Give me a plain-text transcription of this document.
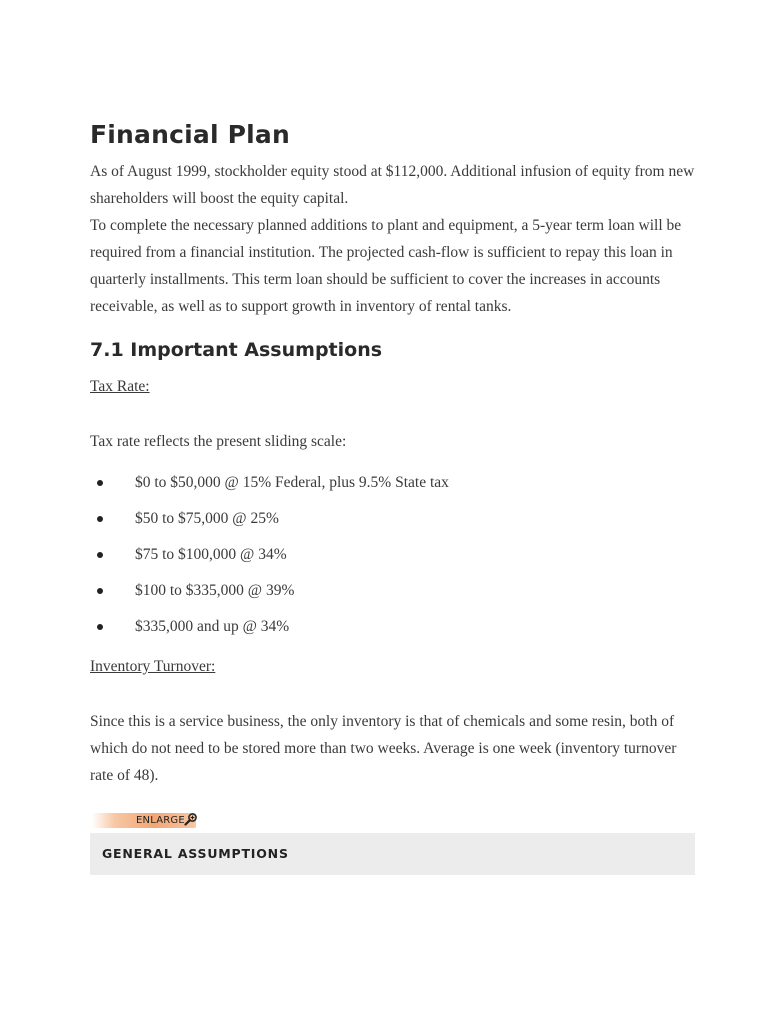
Financial Plan

As of August 1999, stockholder equity stood at $112,000. Additional infusion of equity from new shareholders will boost the equity capital.

To complete the necessary planned additions to plant and equipment, a 5-year term loan will be required from a financial institution. The projected cash-flow is sufficient to repay this loan in quarterly installments. This term loan should be sufficient to cover the increases in accounts receivable, as well as to support growth in inventory of rental tanks.

7.1 Important Assumptions
Tax Rate:

Tax rate reflects the present sliding scale:

$0 to $50,000 @ 15% Federal, plus 9.5% State tax
$50 to $75,000 @ 25%
$75 to $100,000 @ 34%
$100 to $335,000 @ 39%
$335,000 and up @ 34%
Inventory Turnover:

Since this is a service business, the only inventory is that of chemicals and some resin, both of which do not need to be stored more than two weeks. Average is one week (inventory turnover rate of 48).

ENLARGE
GENERAL ASSUMPTIONS
